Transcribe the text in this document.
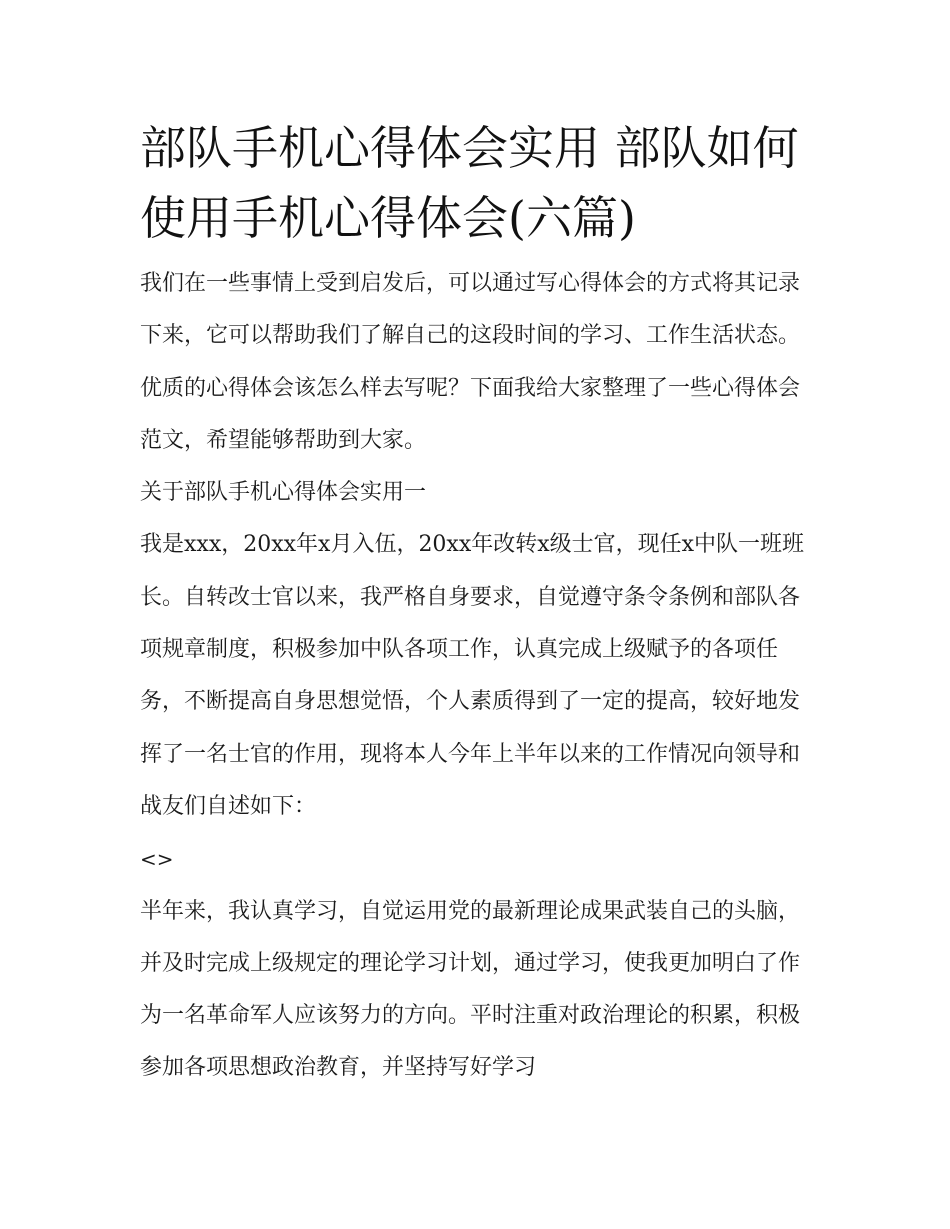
部队手机心得体会实用 部队如何使用手机心得体会(六篇)

我们在一些事情上受到启发后，可以通过写心得体会的方式将其记录下来，它可以帮助我们了解自己的这段时间的学习、工作生活状态。优质的心得体会该怎么样去写呢？下面我给大家整理了一些心得体会范文，希望能够帮助到大家。

关于部队手机心得体会实用一

我是xxx，20xx年x月入伍，20xx年改转x级士官，现任x中队一班班长。自转改士官以来，我严格自身要求，自觉遵守条令条例和部队各项规章制度，积极参加中队各项工作，认真完成上级赋予的各项任务，不断提高自身思想觉悟，个人素质得到了一定的提高，较好地发挥了一名士官的作用，现将本人今年上半年以来的工作情况向领导和战友们自述如下：

<>

半年来，我认真学习，自觉运用党的最新理论成果武装自己的头脑，并及时完成上级规定的理论学习计划，通过学习，使我更加明白了作为一名革命军人应该努力的方向。平时注重对政治理论的积累，积极参加各项思想政治教育，并坚持写好学习
